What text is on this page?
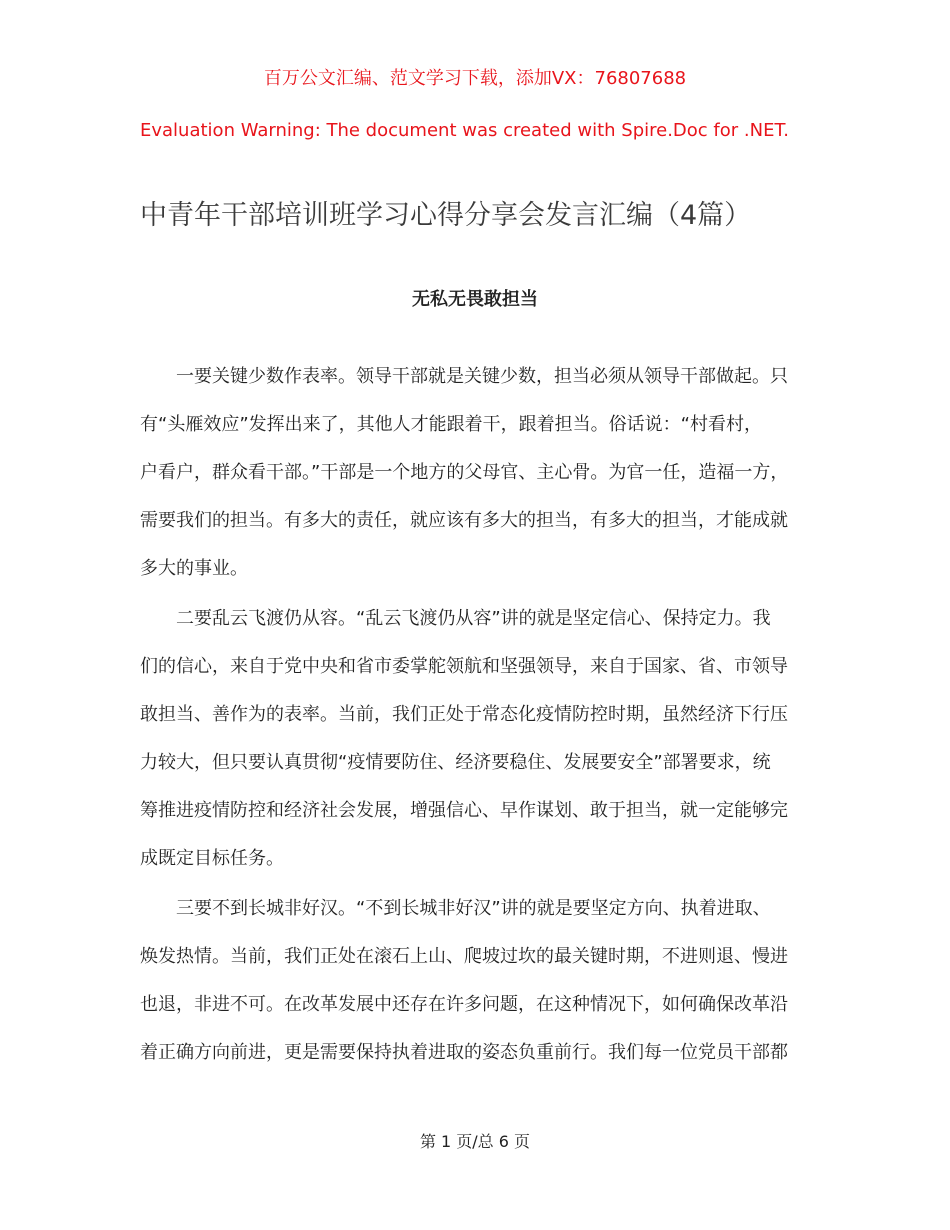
百万公文汇编、范文学习下载，添加VX：76807688
Evaluation Warning: The document was created with Spire.Doc for .NET.
中青年干部培训班学习心得分享会发言汇编（4篇）
无私无畏敢担当
一要关键少数作表率。领导干部就是关键少数，担当必须从领导干部做起。只
有“头雁效应”发挥出来了，其他人才能跟着干，跟着担当。俗话说：“村看村，
户看户，群众看干部。”干部是一个地方的父母官、主心骨。为官一任，造福一方，
需要我们的担当。有多大的责任，就应该有多大的担当，有多大的担当，才能成就
多大的事业。
二要乱云飞渡仍从容。“乱云飞渡仍从容”讲的就是坚定信心、保持定力。我
们的信心，来自于党中央和省市委掌舵领航和坚强领导，来自于国家、省、市领导
敢担当、善作为的表率。当前，我们正处于常态化疫情防控时期，虽然经济下行压
力较大，但只要认真贯彻“疫情要防住、经济要稳住、发展要安全”部署要求，统
筹推进疫情防控和经济社会发展，增强信心、早作谋划、敢于担当，就一定能够完
成既定目标任务。
三要不到长城非好汉。“不到长城非好汉”讲的就是要坚定方向、执着进取、
焕发热情。当前，我们正处在滚石上山、爬坡过坎的最关键时期，不进则退、慢进
也退，非进不可。在改革发展中还存在许多问题，在这种情况下，如何确保改革沿
着正确方向前进，更是需要保持执着进取的姿态负重前行。我们每一位党员干部都
第 1 页/总 6 页
